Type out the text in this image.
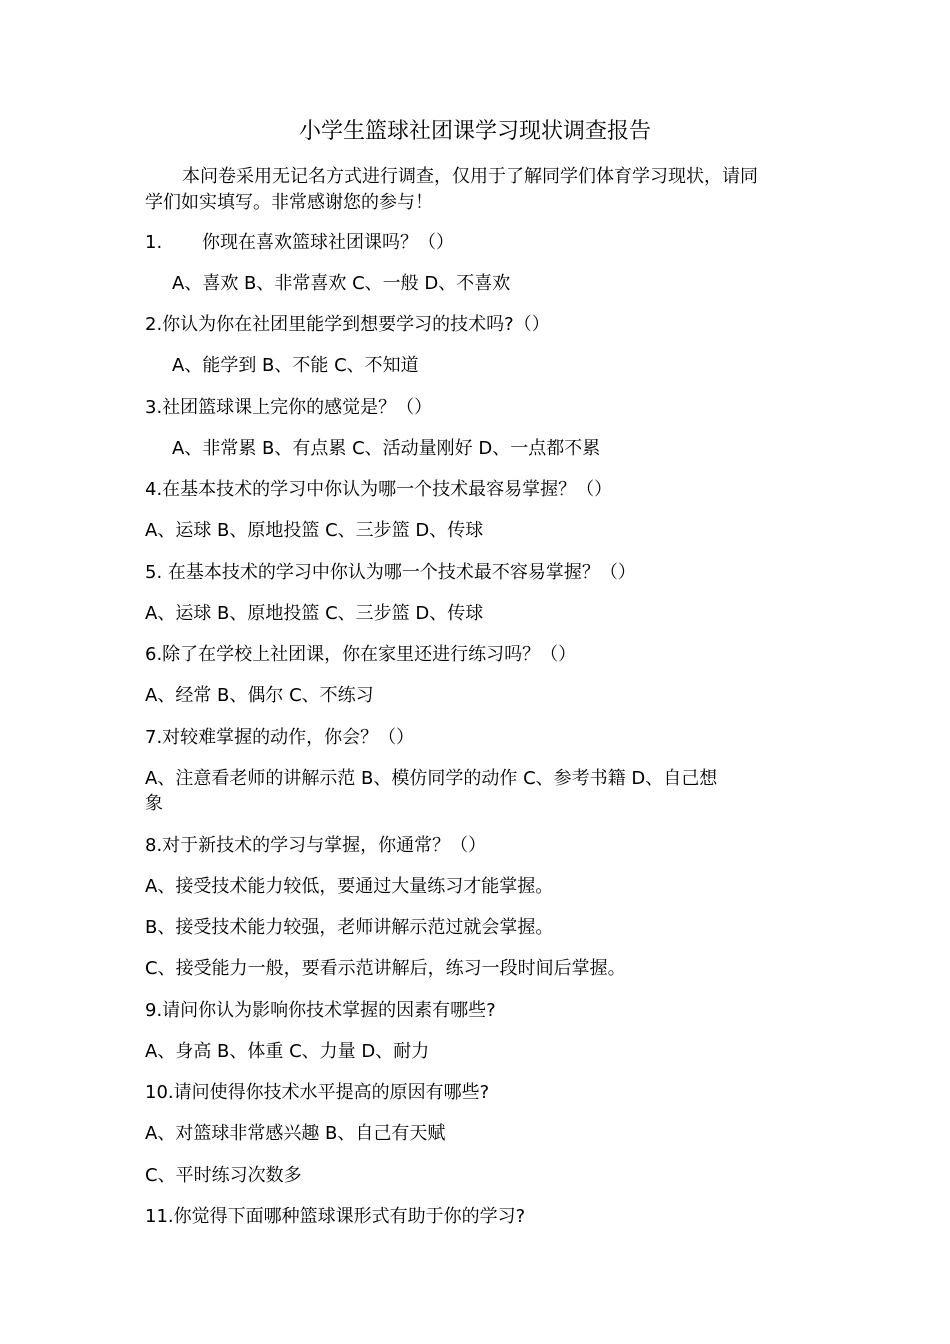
小学生篮球社团课学习现状调查报告
本问卷采用无记名方式进行调查，仅用于了解同学们体育学习现状，请同
学们如实填写。非常感谢您的参与！
1. 你现在喜欢篮球社团课吗？（）
A、喜欢 B、非常喜欢 C、一般 D、不喜欢
2.你认为你在社团里能学到想要学习的技术吗?（）
A、能学到 B、不能 C、不知道
3.社团篮球课上完你的感觉是？（）
A、非常累 B、有点累 C、活动量刚好 D、一点都不累
4.在基本技术的学习中你认为哪一个技术最容易掌握？（）
A、运球 B、原地投篮 C、三步篮 D、传球
5. 在基本技术的学习中你认为哪一个技术最不容易掌握？（）
A、运球 B、原地投篮 C、三步篮 D、传球
6.除了在学校上社团课，你在家里还进行练习吗？（）
A、经常 B、偶尔 C、不练习
7.对较难掌握的动作，你会？（）
A、注意看老师的讲解示范 B、模仿同学的动作 C、参考书籍 D、自己想
象
8.对于新技术的学习与掌握，你通常？（）
A、接受技术能力较低，要通过大量练习才能掌握。
B、接受技术能力较强，老师讲解示范过就会掌握。
C、接受能力一般，要看示范讲解后，练习一段时间后掌握。
9.请问你认为影响你技术掌握的因素有哪些?
A、身高 B、体重 C、力量 D、耐力
10.请问使得你技术水平提高的原因有哪些?
A、对篮球非常感兴趣 B、自己有天赋
C、平时练习次数多
11.你觉得下面哪种篮球课形式有助于你的学习?
